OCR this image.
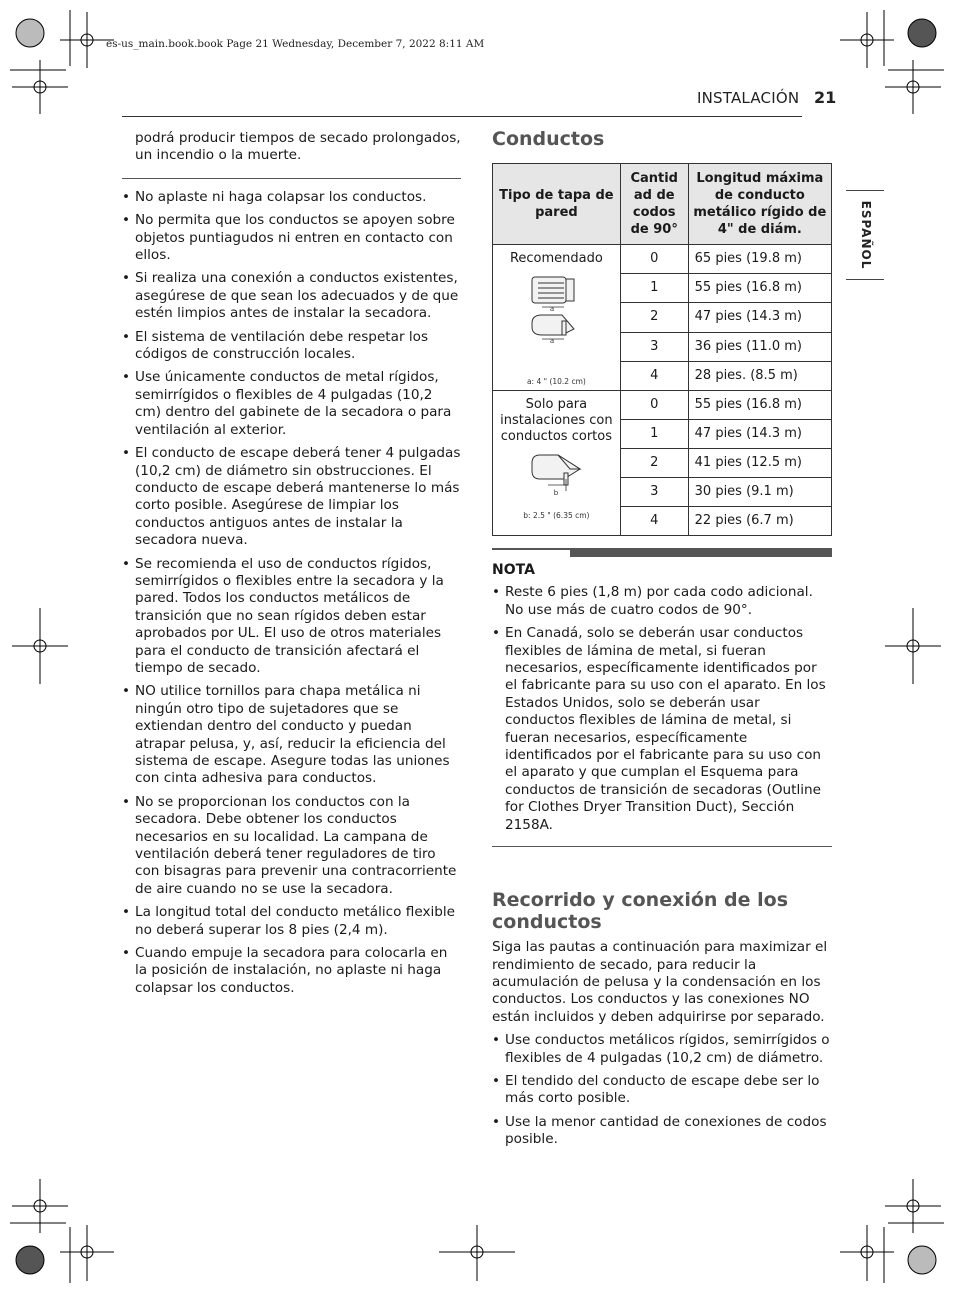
es-us_main.book.book Page 21 Wednesday, December 7, 2022 8:11 AM
INSTALACIÓN 21
ESPAÑOL

podrá producir tiempos de secado prolongados, un incendio o la muerte.

• No aplaste ni haga colapsar los conductos.
• No permita que los conductos se apoyen sobre objetos puntiagudos ni entren en contacto con ellos.
• Si realiza una conexión a conductos existentes, asegúrese de que sean los adecuados y de que estén limpios antes de instalar la secadora.
• El sistema de ventilación debe respetar los códigos de construcción locales.
• Use únicamente conductos de metal rígidos, semirrígidos o flexibles de 4 pulgadas (10,2 cm) dentro del gabinete de la secadora o para ventilación al exterior.
• El conducto de escape deberá tener 4 pulgadas (10,2 cm) de diámetro sin obstrucciones. El conducto de escape deberá mantenerse lo más corto posible. Asegúrese de limpiar los conductos antiguos antes de instalar la secadora nueva.
• Se recomienda el uso de conductos rígidos, semirrígidos o flexibles entre la secadora y la pared. Todos los conductos metálicos de transición que no sean rígidos deben estar aprobados por UL. El uso de otros materiales para el conducto de transición afectará el tiempo de secado.
• NO utilice tornillos para chapa metálica ni ningún otro tipo de sujetadores que se extiendan dentro del conducto y puedan atrapar pelusa, y, así, reducir la eficiencia del sistema de escape. Asegure todas las uniones con cinta adhesiva para conductos.
• No se proporcionan los conductos con la secadora. Debe obtener los conductos necesarios en su localidad. La campana de ventilación deberá tener reguladores de tiro con bisagras para prevenir una contracorriente de aire cuando no se use la secadora.
• La longitud total del conducto metálico flexible no deberá superar los 8 pies (2,4 m).
• Cuando empuje la secadora para colocarla en la posición de instalación, no aplaste ni haga colapsar los conductos.
Conductos
Tipo de tapa de pared	Cantid ad de codos de 90°	Longitud máxima de conducto metálico rígido de 4" de diám.

Recomendado
a
a
a: 4 " (10.2 cm)	0	65 pies (19.8 m)
	1	55 pies (16.8 m)
	2	47 pies (14.3 m)
	3	36 pies (11.0 m)
	4	28 pies. (8.5 m)

Solo para instalaciones con conductos cortos
b
b: 2.5 " (6.35 cm)	0	55 pies (16.8 m)
	1	47 pies (14.3 m)
	2	41 pies (12.5 m)
	3	30 pies (9.1 m)
	4	22 pies (6.7 m)
NOTA
• Reste 6 pies (1,8 m) por cada codo adicional. No use más de cuatro codos de 90°.
• En Canadá, solo se deberán usar conductos flexibles de lámina de metal, si fueran necesarios, específicamente identificados por el fabricante para su uso con el aparato. En los Estados Unidos, solo se deberán usar conductos flexibles de lámina de metal, si fueran necesarios, específicamente identificados por el fabricante para su uso con el aparato y que cumplan el Esquema para conductos de transición de secadoras (Outline for Clothes Dryer Transition Duct), Sección 2158A.
Recorrido y conexión de los conductos

Siga las pautas a continuación para maximizar el rendimiento de secado, para reducir la acumulación de pelusa y la condensación en los conductos. Los conductos y las conexiones NO están incluidos y deben adquirirse por separado.

• Use conductos metálicos rígidos, semirrígidos o flexibles de 4 pulgadas (10,2 cm) de diámetro.
• El tendido del conducto de escape debe ser lo más corto posible.
• Use la menor cantidad de conexiones de codos posible.
